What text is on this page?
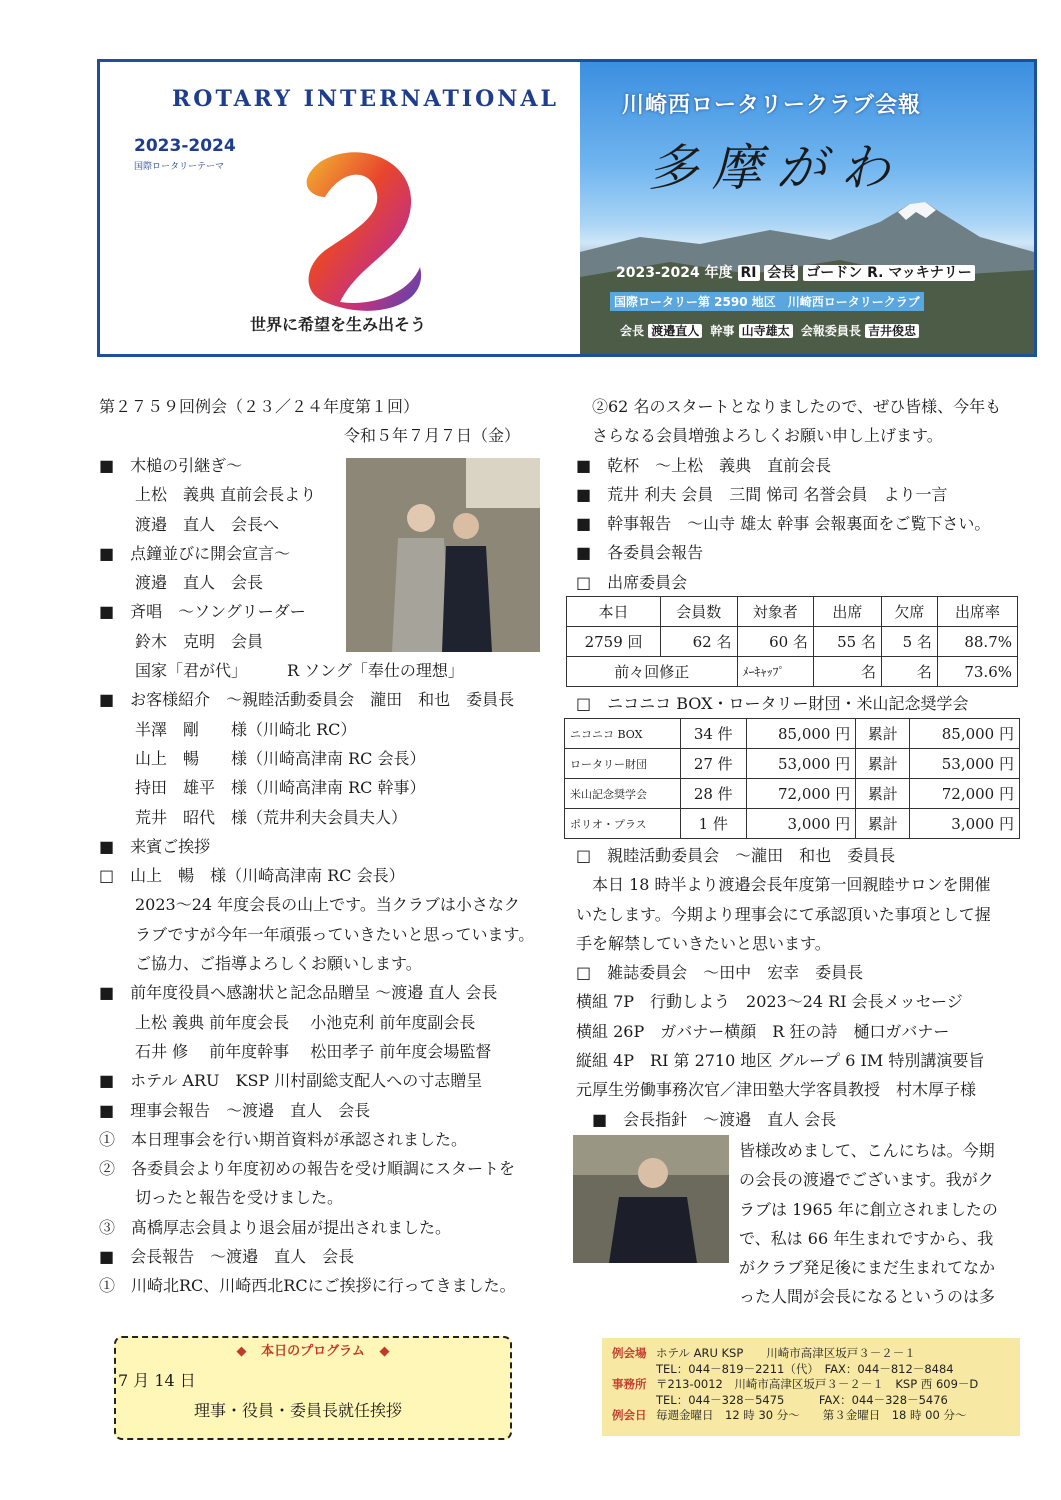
ROTARY INTERNATIONAL
2023-2024
国際ロータリーテーマ
世界に希望を生み出そう
川崎西ロータリークラブ会報
多摩がわ
2023-2024 年度 RI 会長 ゴードン R. マッキナリー
国際ロータリー第 2590 地区　川崎西ロータリークラブ
会長 渡邉直人 幹事 山寺雄太 会報委員長 吉井俊忠
第２７５９回例会（２３／２４年度第１回）
令和５年７月７日（金）
■　木槌の引継ぎ～
上松　義典 直前会長より
渡邉　直人　会長へ
■　点鐘並びに開会宣言～
渡邉　直人　会長
■　斉唱　～ソングリーダー
鈴木　克明　会員
国家「君が代」　　　R ソング「奉仕の理想」
■　お客様紹介　～親睦活動委員会　瀧田　和也　委員長
半澤　剛　　様（川崎北 RC）
山上　暢　　様（川崎高津南 RC 会長）
持田　雄平　様（川崎高津南 RC 幹事）
荒井　昭代　様（荒井利夫会員夫人）
■　来賓ご挨拶
□　山上　暢　様（川崎高津南 RC 会長）
2023～24 年度会長の山上です。当クラブは小さなク
ラブですが今年一年頑張っていきたいと思っています。
ご協力、ご指導よろしくお願いします。
■　前年度役員へ感謝状と記念品贈呈 ～渡邉 直人 会長
上松 義典 前年度会長　 小池克利 前年度副会長
石井 修　 前年度幹事　 松田孝子 前年度会場監督
■　ホテル ARU　KSP 川村副総支配人への寸志贈呈
■　理事会報告　～渡邉　直人　会長
①　本日理事会を行い期首資料が承認されました。
②　各委員会より年度初めの報告を受け順調にスタートを
切ったと報告を受けました。
③　髙橋厚志会員より退会届が提出されました。
■　会長報告　～渡邉　直人　会長
①　川崎北RC、川崎西北RCにご挨拶に行ってきました。
②62 名のスタートとなりましたので、ぜひ皆様、今年も
さらなる会員増強よろしくお願い申し上げます。
■　乾杯　～上松　義典　直前会長
■　荒井 利夫 会員　三間 悌司 名誉会員　より一言
■　幹事報告　～山寺 雄太 幹事 会報裏面をご覧下さい。
■　各委員会報告
□　出席委員会
本日	会員数	対象者	出席	欠席	出席率
2759 回	62 名	60 名	55 名	5 名	88.7%
前々回修正		ﾒｰｷｬｯﾌﾟ	名	名	73.6%
□　ニコニコ BOX・ロータリー財団・米山記念奨学会
ニコニコ BOX	34 件	85,000 円	累計	85,000 円
ロータリー財団	27 件	53,000 円	累計	53,000 円
米山記念奨学会	28 件	72,000 円	累計	72,000 円
ポリオ・プラス	1 件	3,000 円	累計	3,000 円
□　親睦活動委員会　～瀧田　和也　委員長
本日 18 時半より渡邉会長年度第一回親睦サロンを開催
いたします。今期より理事会にて承認頂いた事項として握
手を解禁していきたいと思います。
□　雑誌委員会　～田中　宏幸　委員長
横組 7P　行動しよう　2023～24 RI 会長メッセージ
横組 26P　ガバナー横顔　R 狂の詩　樋口ガバナー
縦組 4P　RI 第 2710 地区 グループ 6 IM 特別講演要旨
元厚生労働事務次官／津田塾大学客員教授　村木厚子様
■　会長指針　～渡邉　直人 会長
皆様改めまして、こんにちは。今期
の会長の渡邉でございます。我がク
ラブは 1965 年に創立されましたの
で、私は 66 年生まれですから、我
がクラブ発足後にまだ生まれてなか
った人間が会長になるというのは多
◆ 本日のプログラム ◆
7 月 14 日
理事・役員・委員長就任挨拶
例会場 ホテル ARU KSP　　川崎市高津区坂戸３－２－１
TEL：044－819－2211（代）　FAX：044－812－8484
事務所 〒213-0012　川崎市高津区坂戸３－２－１　KSP 西 609－D
TEL：044－328－5475　　　FAX：044－328－5476
例会日 毎週金曜日　12 時 30 分～　　第３金曜日　18 時 00 分～
